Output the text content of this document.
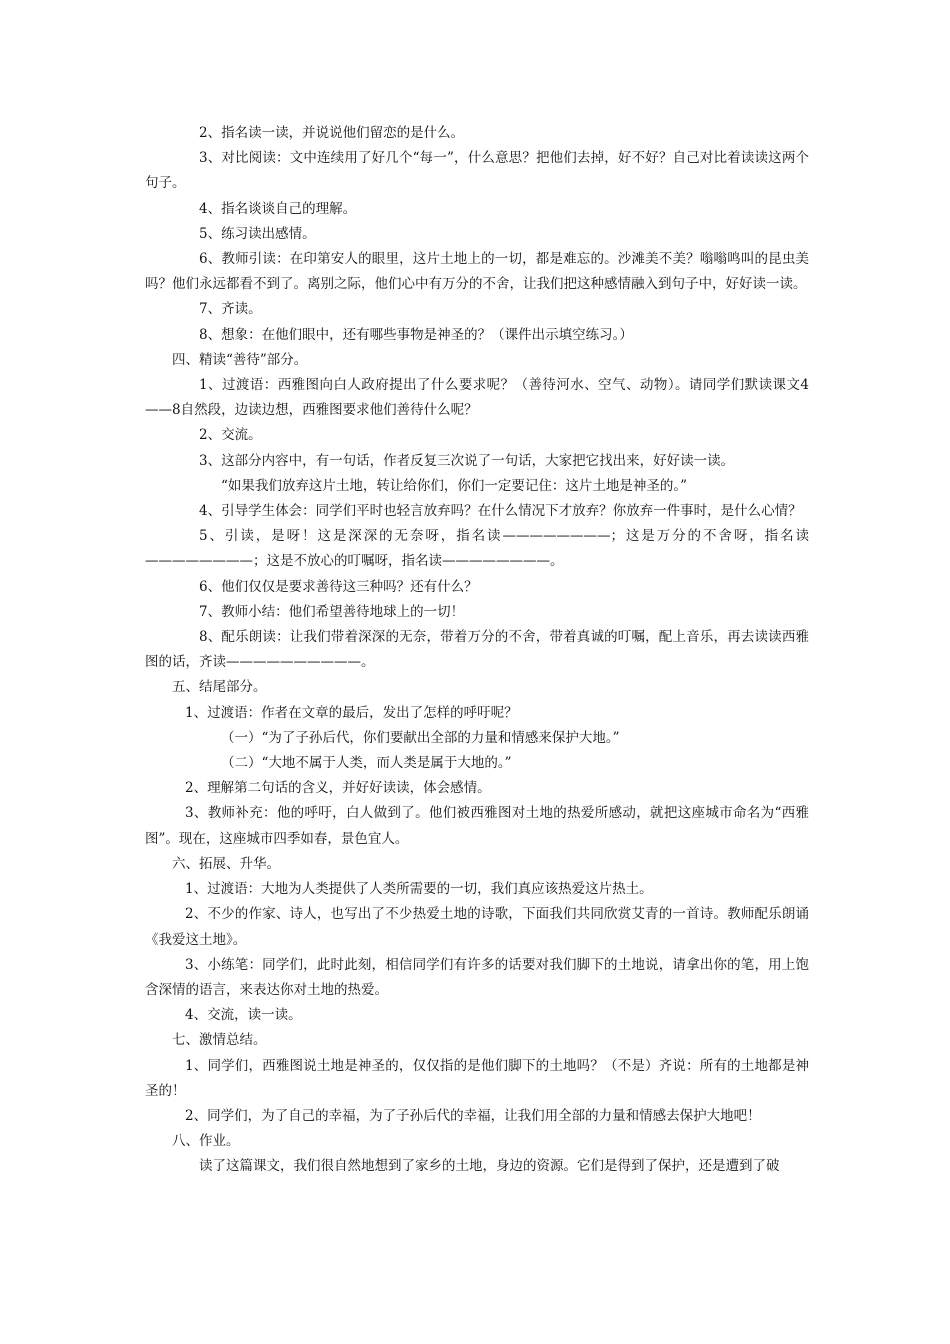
2、指名读一读，并说说他们留恋的是什么。

3、对比阅读：文中连续用了好几个“每一”，什么意思？把他们去掉，好不好？自己对比着读读这两个句子。

4、指名谈谈自己的理解。

5、练习读出感情。

6、教师引读：在印第安人的眼里，这片土地上的一切，都是难忘的。沙滩美不美？嗡嗡鸣叫的昆虫美吗？他们永远都看不到了。离别之际，他们心中有万分的不舍，让我们把这种感情融入到句子中，好好读一读。

7、齐读。

8、想象：在他们眼中，还有哪些事物是神圣的？（课件出示填空练习。）

四、精读“善待”部分。

1、过渡语：西雅图向白人政府提出了什么要求呢？（善待河水、空气、动物）。请同学们默读课文4——8自然段，边读边想，西雅图要求他们善待什么呢？

2、交流。

3、这部分内容中，有一句话，作者反复三次说了一句话，大家把它找出来，好好读一读。

“如果我们放弃这片土地，转让给你们，你们一定要记住：这片土地是神圣的。”

4、引导学生体会：同学们平时也轻言放弃吗？在什么情况下才放弃？你放弃一件事时，是什么心情？

5、引读，是呀！这是深深的无奈呀，指名读————————；这是万分的不舍呀，指名读————————；这是不放心的叮嘱呀，指名读————————。

6、他们仅仅是要求善待这三种吗？还有什么？

7、教师小结：他们希望善待地球上的一切！

8、配乐朗读：让我们带着深深的无奈，带着万分的不舍，带着真诚的叮嘱，配上音乐，再去读读西雅图的话，齐读——————————。

五、结尾部分。

1、过渡语：作者在文章的最后，发出了怎样的呼吁呢？

（一）“为了子孙后代，你们要献出全部的力量和情感来保护大地。”

（二）“大地不属于人类，而人类是属于大地的。”

2、理解第二句话的含义，并好好读读，体会感情。

3、教师补充：他的呼吁，白人做到了。他们被西雅图对土地的热爱所感动，就把这座城市命名为“西雅图”。现在，这座城市四季如春，景色宜人。

六、拓展、升华。

1、过渡语：大地为人类提供了人类所需要的一切，我们真应该热爱这片热土。

2、不少的作家、诗人，也写出了不少热爱土地的诗歌，下面我们共同欣赏艾青的一首诗。教师配乐朗诵《我爱这土地》。

3、小练笔：同学们，此时此刻，相信同学们有许多的话要对我们脚下的土地说，请拿出你的笔，用上饱含深情的语言，来表达你对土地的热爱。

4、交流，读一读。

七、激情总结。

1、同学们，西雅图说土地是神圣的，仅仅指的是他们脚下的土地吗？（不是）齐说：所有的土地都是神圣的！

2、同学们，为了自己的幸福，为了子孙后代的幸福，让我们用全部的力量和情感去保护大地吧！

八、作业。

读了这篇课文，我们很自然地想到了家乡的土地，身边的资源。它们是得到了保护，还是遭到了破
